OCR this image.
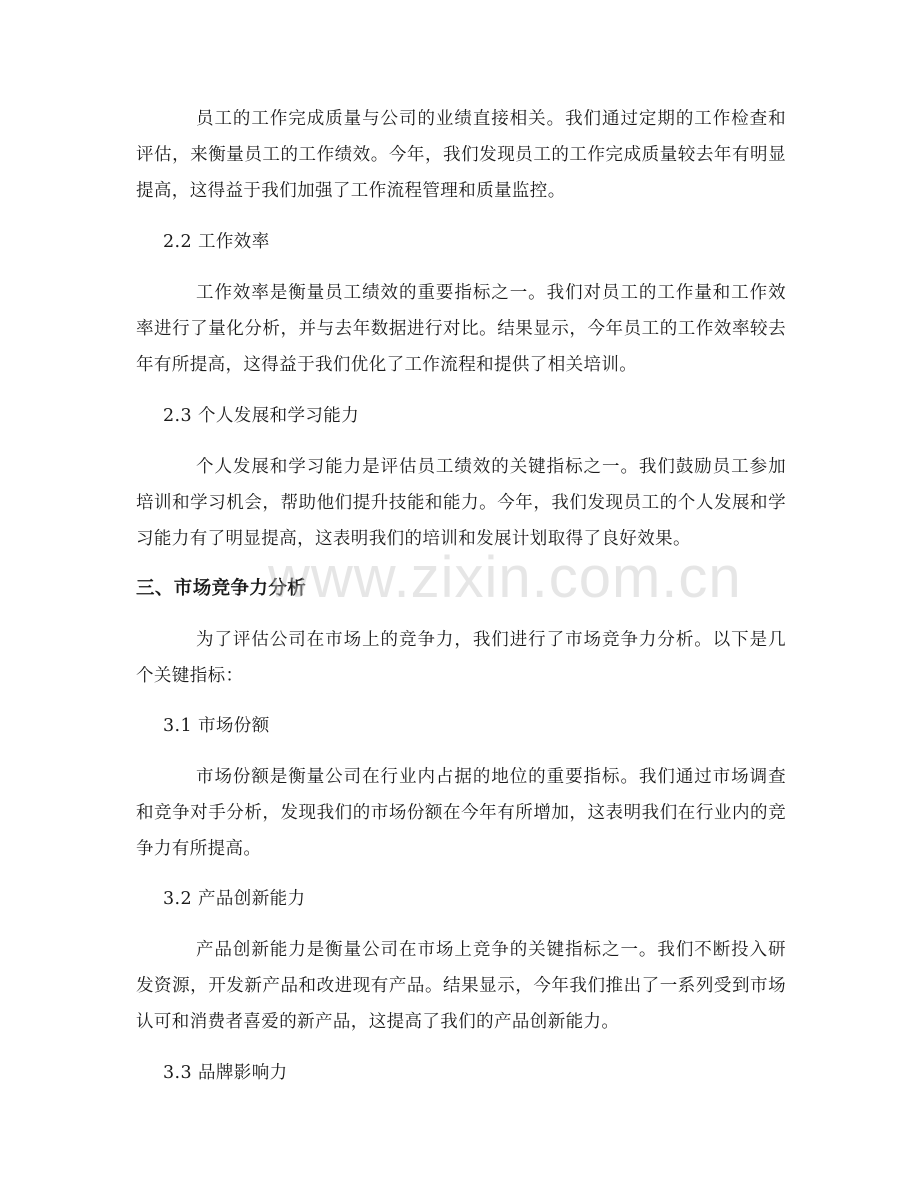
员工的工作完成质量与公司的业绩直接相关。我们通过定期的工作检查和评估，来衡量员工的工作绩效。今年，我们发现员工的工作完成质量较去年有明显提高，这得益于我们加强了工作流程管理和质量监控。

2.2 工作效率

工作效率是衡量员工绩效的重要指标之一。我们对员工的工作量和工作效率进行了量化分析，并与去年数据进行对比。结果显示，今年员工的工作效率较去年有所提高，这得益于我们优化了工作流程和提供了相关培训。

2.3 个人发展和学习能力

个人发展和学习能力是评估员工绩效的关键指标之一。我们鼓励员工参加培训和学习机会，帮助他们提升技能和能力。今年，我们发现员工的个人发展和学习能力有了明显提高，这表明我们的培训和发展计划取得了良好效果。

三、市场竞争力分析

为了评估公司在市场上的竞争力，我们进行了市场竞争力分析。以下是几个关键指标：

3.1 市场份额

市场份额是衡量公司在行业内占据的地位的重要指标。我们通过市场调查和竞争对手分析，发现我们的市场份额在今年有所增加，这表明我们在行业内的竞争力有所提高。

3.2 产品创新能力

产品创新能力是衡量公司在市场上竞争的关键指标之一。我们不断投入研发资源，开发新产品和改进现有产品。结果显示，今年我们推出了一系列受到市场认可和消费者喜爱的新产品，这提高了我们的产品创新能力。

3.3 品牌影响力

www.zixin.com.cn
